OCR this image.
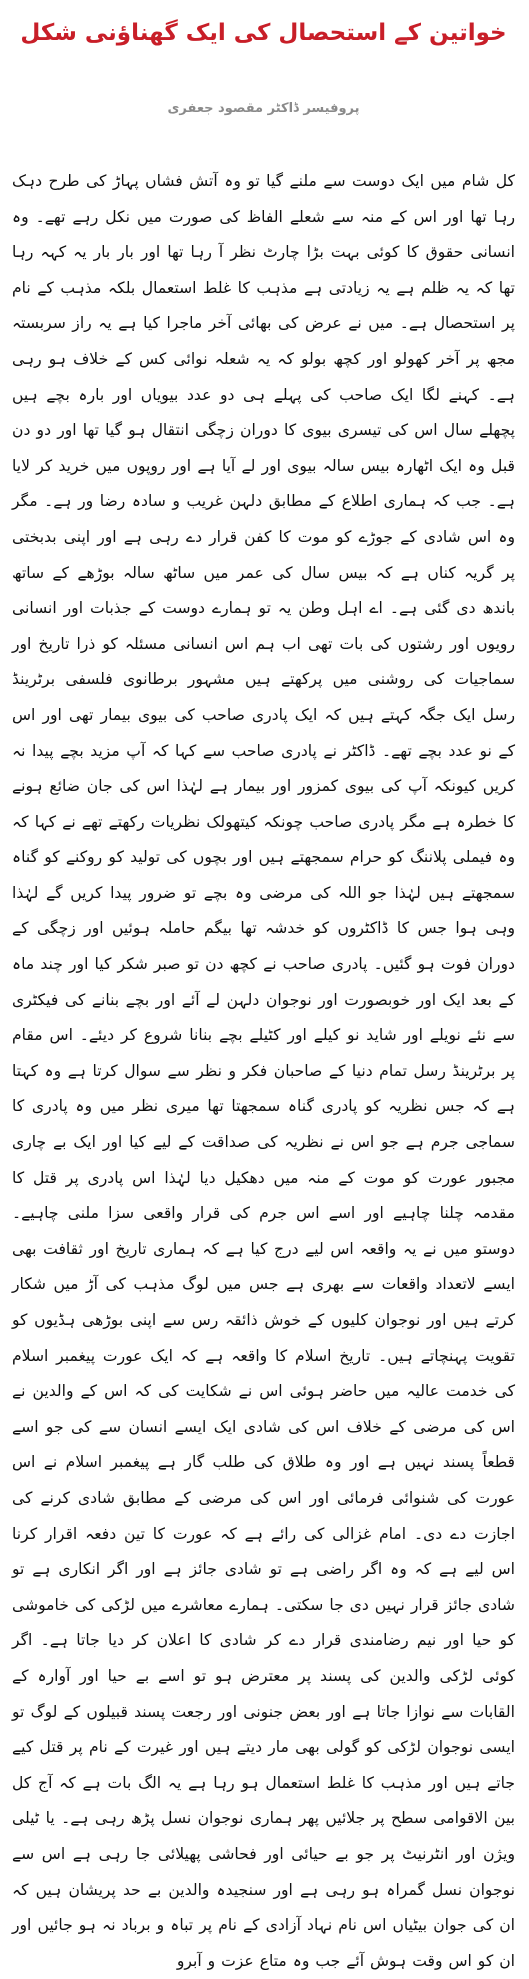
خواتین کے استحصال کی ایک گھناؤنی شکل
پروفیسر ڈاکٹر مقصود جعفری

کل شام میں ایک دوست سے ملنے گیا تو وہ آتش فشاں پہاڑ کی طرح دہک رہا تھا اور اس کے منہ سے شعلے الفاظ کی صورت میں نکل رہے تھے۔ وہ انسانی حقوق کا کوئی بہت بڑا چارٹ نظر آ رہا تھا اور بار بار یہ کہہ رہا تھا کہ یہ ظلم ہے یہ زیادتی ہے مذہب کا غلط استعمال بلکہ مذہب کے نام پر استحصال ہے۔ میں نے عرض کی بھائی آخر ماجرا کیا ہے یہ راز سربستہ مجھ پر آخر کھولو اور کچھ بولو کہ یہ شعلہ نوائی کس کے خلاف ہو رہی ہے۔ کہنے لگا ایک صاحب کی پہلے ہی دو عدد بیویاں اور بارہ بچے ہیں پچھلے سال اس کی تیسری بیوی کا دوران زچگی انتقال ہو گیا تھا اور دو دن قبل وہ ایک اٹھارہ بیس سالہ بیوی اور لے آیا ہے اور روپوں میں خرید کر لایا ہے۔ جب کہ ہماری اطلاع کے مطابق دلہن غریب و سادہ رضا ور ہے۔ مگر وہ اس شادی کے جوڑے کو موت کا کفن قرار دے رہی ہے اور اپنی بدبختی پر گریہ کناں ہے کہ بیس سال کی عمر میں ساٹھ سالہ بوڑھے کے ساتھ باندھ دی گئی ہے۔ اے اہل وطن یہ تو ہمارے دوست کے جذبات اور انسانی رویوں اور رشتوں کی بات تھی اب ہم اس انسانی مسئلہ کو ذرا تاریخ اور سماجیات کی روشنی میں پرکھتے ہیں مشہور برطانوی فلسفی برٹرینڈ رسل ایک جگہ کہتے ہیں کہ ایک پادری صاحب کی بیوی بیمار تھی اور اس کے نو عدد بچے تھے۔ ڈاکٹر نے پادری صاحب سے کہا کہ آپ مزید بچے پیدا نہ کریں کیونکہ آپ کی بیوی کمزور اور بیمار ہے لہٰذا اس کی جان ضائع ہونے کا خطرہ ہے مگر پادری صاحب چونکہ کیتھولک نظریات رکھتے تھے نے کہا کہ وہ فیملی پلاننگ کو حرام سمجھتے ہیں اور بچوں کی تولید کو روکنے کو گناہ سمجھتے ہیں لہٰذا جو اللہ کی مرضی وہ بچے تو ضرور پیدا کریں گے لہٰذا وہی ہوا جس کا ڈاکٹروں کو خدشہ تھا بیگم حاملہ ہوئیں اور زچگی کے دوران فوت ہو گئیں۔ پادری صاحب نے کچھ دن تو صبر شکر کیا اور چند ماہ کے بعد ایک اور خوبصورت اور نوجوان دلہن لے آئے اور بچے بنانے کی فیکٹری سے نئے نویلے اور شاید نو کیلے اور کٹیلے بچے بنانا شروع کر دیئے۔ اس مقام پر برٹرینڈ رسل تمام دنیا کے صاحبان فکر و نظر سے سوال کرتا ہے وہ کہتا ہے کہ جس نظریہ کو پادری گناہ سمجھتا تھا میری نظر میں وہ پادری کا سماجی جرم ہے جو اس نے نظریہ کی صداقت کے لیے کیا اور ایک بے چاری مجبور عورت کو موت کے منہ میں دھکیل دیا لہٰذا اس پادری پر قتل کا مقدمہ چلنا چاہیے اور اسے اس جرم کی قرار واقعی سزا ملنی چاہیے۔ دوستو میں نے یہ واقعہ اس لیے درج کیا ہے کہ ہماری تاریخ اور ثقافت بھی ایسے لاتعداد واقعات سے بھری ہے جس میں لوگ مذہب کی آڑ میں شکار کرتے ہیں اور نوجوان کلیوں کے خوش ذائقہ رس سے اپنی بوڑھی ہڈیوں کو تقویت پہنچاتے ہیں۔ تاریخ اسلام کا واقعہ ہے کہ ایک عورت پیغمبر اسلام کی خدمت عالیہ میں حاضر ہوئی اس نے شکایت کی کہ اس کے والدین نے اس کی مرضی کے خلاف اس کی شادی ایک ایسے انسان سے کی جو اسے قطعاً پسند نہیں ہے اور وہ طلاق کی طلب گار ہے پیغمبر اسلام نے اس عورت کی شنوائی فرمائی اور اس کی مرضی کے مطابق شادی کرنے کی اجازت دے دی۔ امام غزالی کی رائے ہے کہ عورت کا تین دفعہ اقرار کرنا اس لیے ہے کہ وہ اگر راضی ہے تو شادی جائز ہے اور اگر انکاری ہے تو شادی جائز قرار نہیں دی جا سکتی۔ ہمارے معاشرے میں لڑکی کی خاموشی کو حیا اور نیم رضامندی قرار دے کر شادی کا اعلان کر دیا جاتا ہے۔ اگر کوئی لڑکی والدین کی پسند پر معترض ہو تو اسے بے حیا اور آوارہ کے القابات سے نوازا جاتا ہے اور بعض جنونی اور رجعت پسند قبیلوں کے لوگ تو ایسی نوجوان لڑکی کو گولی بھی مار دیتے ہیں اور غیرت کے نام پر قتل کیے جاتے ہیں اور مذہب کا غلط استعمال ہو رہا ہے یہ الگ بات ہے کہ آج کل بین الاقوامی سطح پر جلائیں پھر ہماری نوجوان نسل پڑھ رہی ہے۔ یا ٹیلی ویژن اور انٹرنیٹ پر جو بے حیائی اور فحاشی پھیلائی جا رہی ہے اس سے نوجوان نسل گمراہ ہو رہی ہے اور سنجیدہ والدین بے حد پریشان ہیں کہ ان کی جوان بیٹیاں اس نام نہاد آزادی کے نام پر تباہ و برباد نہ ہو جائیں اور ان کو اس وقت ہوش آئے جب وہ متاع عزت و آبرو
